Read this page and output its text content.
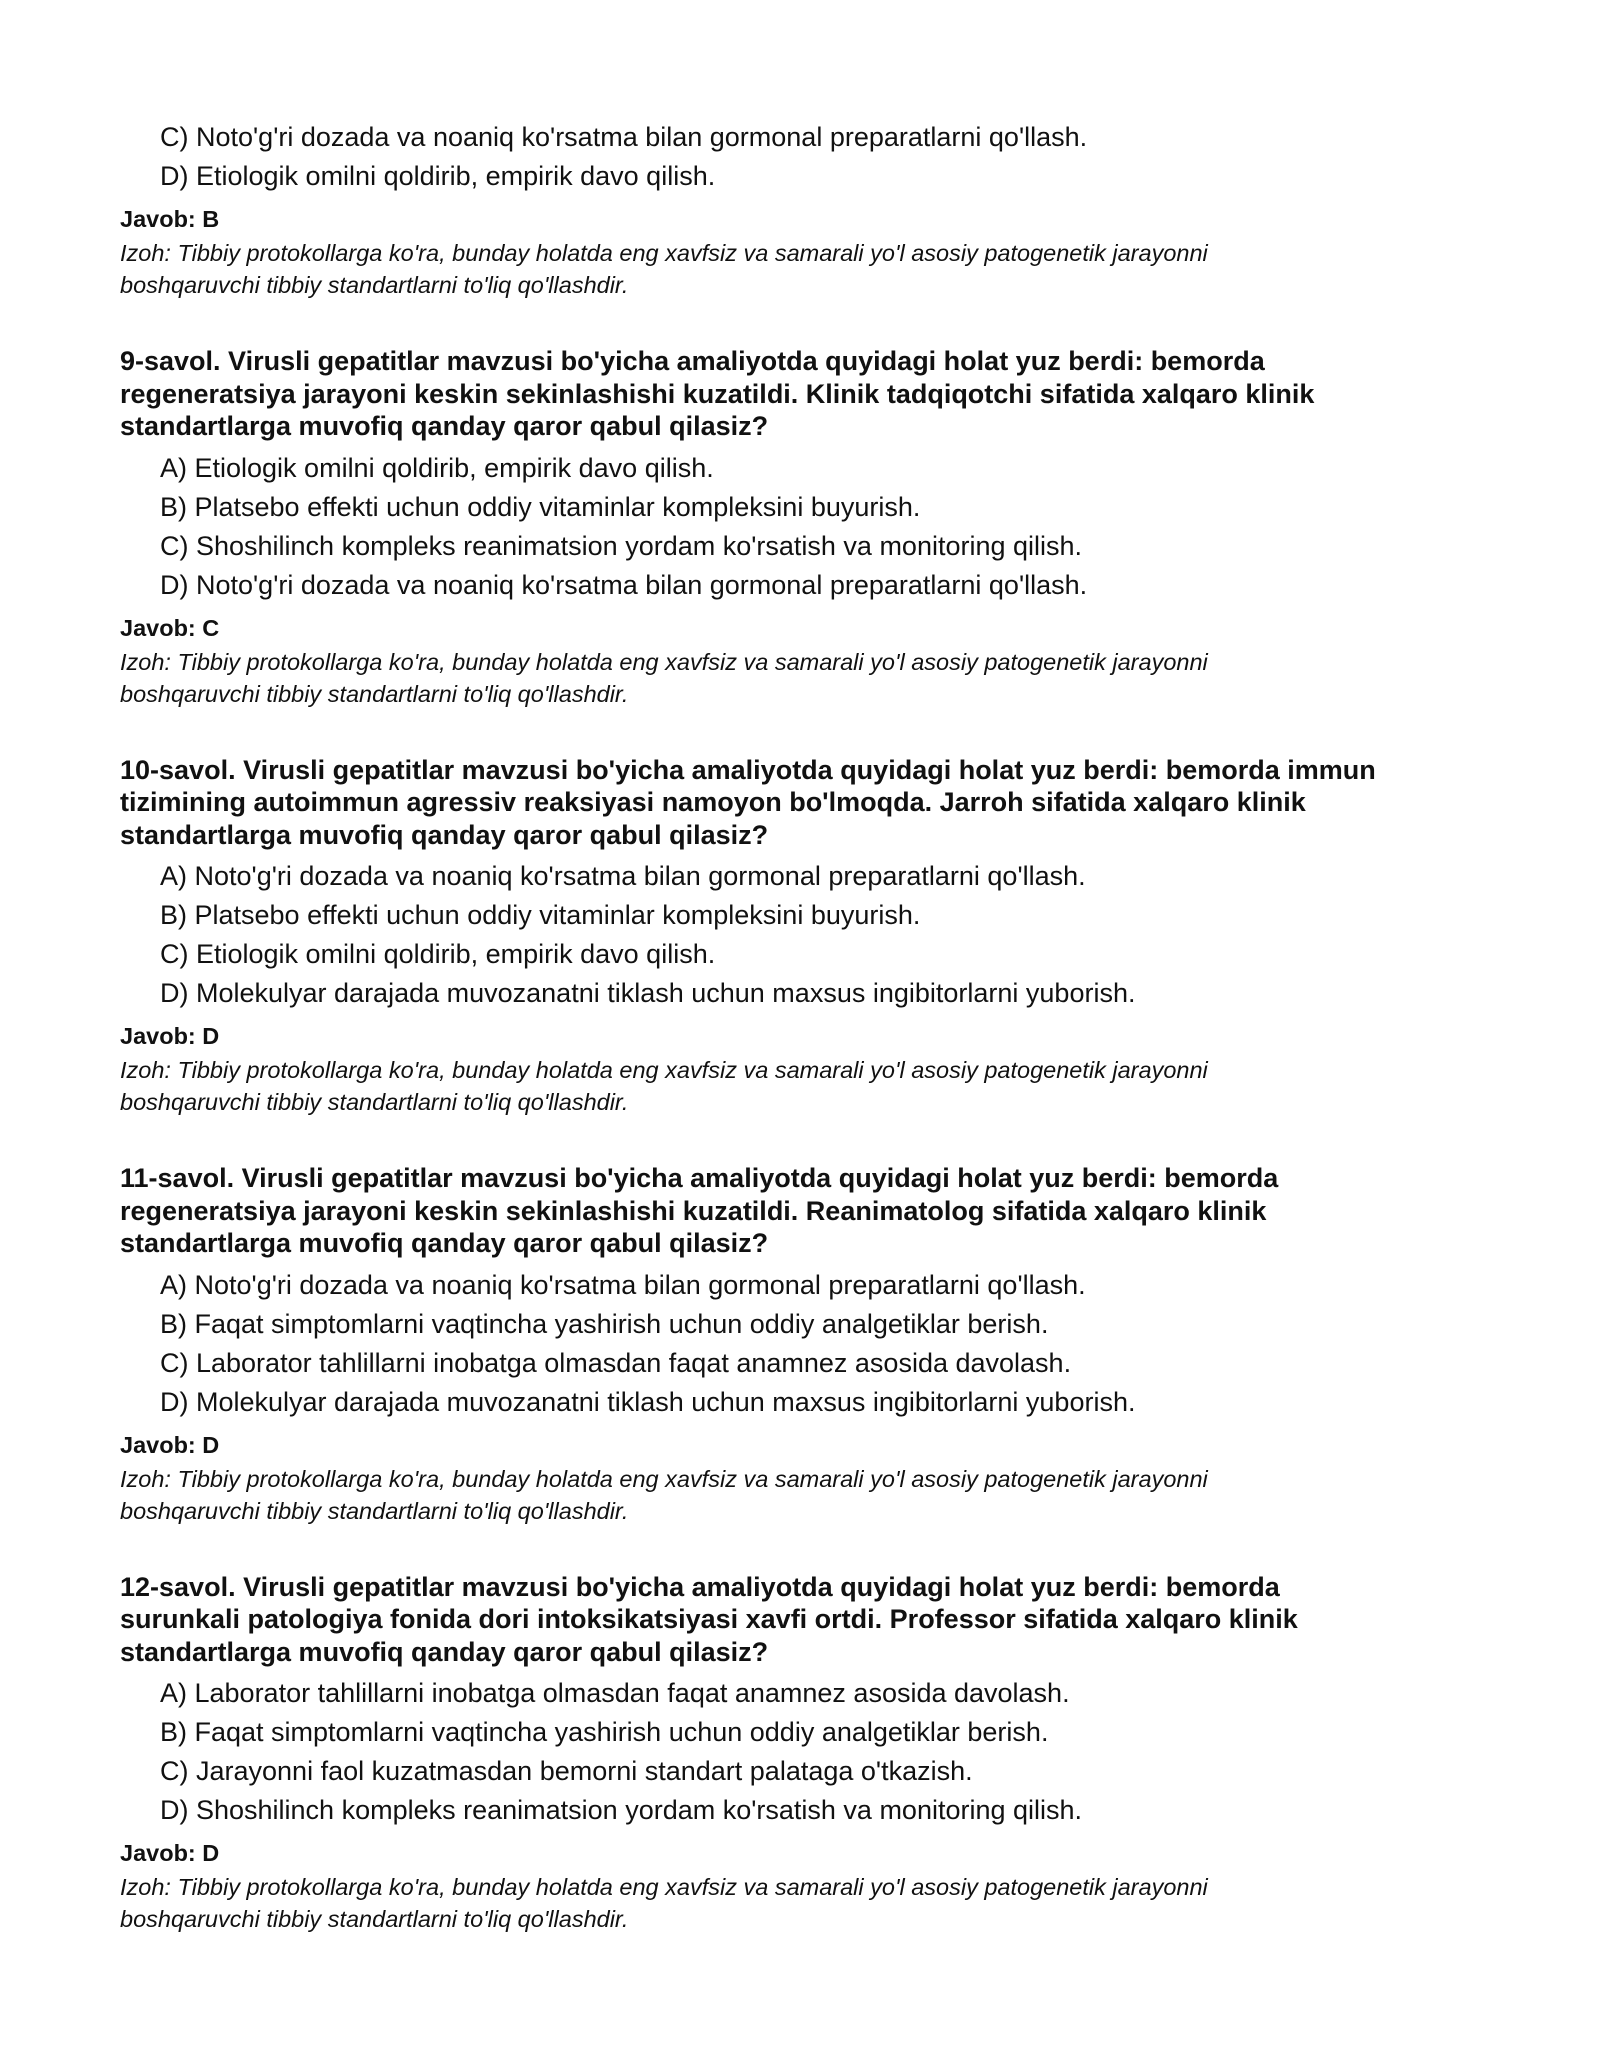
C) Noto'g'ri dozada va noaniq ko'rsatma bilan gormonal preparatlarni qo'llash.
D) Etiologik omilni qoldirib, empirik davo qilish.
Javob: B
Izoh: Tibbiy protokollarga ko'ra, bunday holatda eng xavfsiz va samarali yo'l asosiy patogenetik jarayonni
boshqaruvchi tibbiy standartlarni to'liq qo'llashdir.
9-savol. Virusli gepatitlar mavzusi bo'yicha amaliyotda quyidagi holat yuz berdi: bemorda
regeneratsiya jarayoni keskin sekinlashishi kuzatildi. Klinik tadqiqotchi sifatida xalqaro klinik
standartlarga muvofiq qanday qaror qabul qilasiz?
A) Etiologik omilni qoldirib, empirik davo qilish.
B) Platsebo effekti uchun oddiy vitaminlar kompleksini buyurish.
C) Shoshilinch kompleks reanimatsion yordam ko'rsatish va monitoring qilish.
D) Noto'g'ri dozada va noaniq ko'rsatma bilan gormonal preparatlarni qo'llash.
Javob: C
Izoh: Tibbiy protokollarga ko'ra, bunday holatda eng xavfsiz va samarali yo'l asosiy patogenetik jarayonni
boshqaruvchi tibbiy standartlarni to'liq qo'llashdir.
10-savol. Virusli gepatitlar mavzusi bo'yicha amaliyotda quyidagi holat yuz berdi: bemorda immun
tizimining autoimmun agressiv reaksiyasi namoyon bo'lmoqda. Jarroh sifatida xalqaro klinik
standartlarga muvofiq qanday qaror qabul qilasiz?
A) Noto'g'ri dozada va noaniq ko'rsatma bilan gormonal preparatlarni qo'llash.
B) Platsebo effekti uchun oddiy vitaminlar kompleksini buyurish.
C) Etiologik omilni qoldirib, empirik davo qilish.
D) Molekulyar darajada muvozanatni tiklash uchun maxsus ingibitorlarni yuborish.
Javob: D
Izoh: Tibbiy protokollarga ko'ra, bunday holatda eng xavfsiz va samarali yo'l asosiy patogenetik jarayonni
boshqaruvchi tibbiy standartlarni to'liq qo'llashdir.
11-savol. Virusli gepatitlar mavzusi bo'yicha amaliyotda quyidagi holat yuz berdi: bemorda
regeneratsiya jarayoni keskin sekinlashishi kuzatildi. Reanimatolog sifatida xalqaro klinik
standartlarga muvofiq qanday qaror qabul qilasiz?
A) Noto'g'ri dozada va noaniq ko'rsatma bilan gormonal preparatlarni qo'llash.
B) Faqat simptomlarni vaqtincha yashirish uchun oddiy analgetiklar berish.
C) Laborator tahlillarni inobatga olmasdan faqat anamnez asosida davolash.
D) Molekulyar darajada muvozanatni tiklash uchun maxsus ingibitorlarni yuborish.
Javob: D
Izoh: Tibbiy protokollarga ko'ra, bunday holatda eng xavfsiz va samarali yo'l asosiy patogenetik jarayonni
boshqaruvchi tibbiy standartlarni to'liq qo'llashdir.
12-savol. Virusli gepatitlar mavzusi bo'yicha amaliyotda quyidagi holat yuz berdi: bemorda
surunkali patologiya fonida dori intoksikatsiyasi xavfi ortdi. Professor sifatida xalqaro klinik
standartlarga muvofiq qanday qaror qabul qilasiz?
A) Laborator tahlillarni inobatga olmasdan faqat anamnez asosida davolash.
B) Faqat simptomlarni vaqtincha yashirish uchun oddiy analgetiklar berish.
C) Jarayonni faol kuzatmasdan bemorni standart palataga o'tkazish.
D) Shoshilinch kompleks reanimatsion yordam ko'rsatish va monitoring qilish.
Javob: D
Izoh: Tibbiy protokollarga ko'ra, bunday holatda eng xavfsiz va samarali yo'l asosiy patogenetik jarayonni
boshqaruvchi tibbiy standartlarni to'liq qo'llashdir.
